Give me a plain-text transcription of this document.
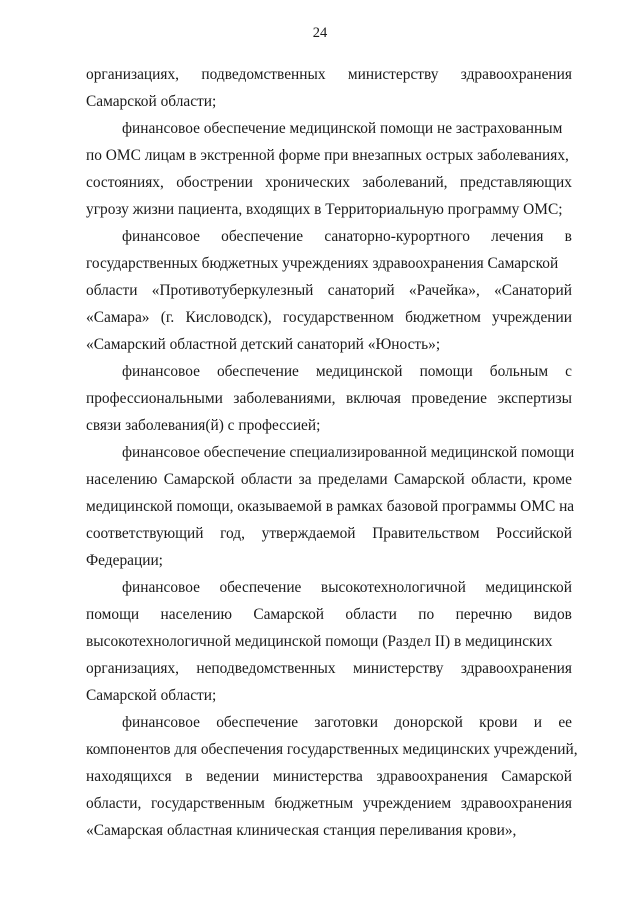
24
организациях, подведомственных министерству здравоохранения
Самарской области;
финансовое обеспечение медицинской помощи не застрахованным
по ОМС лицам в экстренной форме при внезапных острых заболеваниях,
состояниях, обострении хронических заболеваний, представляющих
угрозу жизни пациента, входящих в Территориальную программу ОМС;
финансовое обеспечение санаторно-курортного лечения в
государственных бюджетных учреждениях здравоохранения Самарской
области «Противотуберкулезный санаторий «Рачейка», «Санаторий
«Самара» (г. Кисловодск), государственном бюджетном учреждении
«Самарский областной детский санаторий «Юность»;
финансовое обеспечение медицинской помощи больным с
профессиональными заболеваниями, включая проведение экспертизы
связи заболевания(й) с профессией;
финансовое обеспечение специализированной медицинской помощи
населению Самарской области за пределами Самарской области, кроме
медицинской помощи, оказываемой в рамках базовой программы ОМС на
соответствующий год, утверждаемой Правительством Российской
Федерации;
финансовое обеспечение высокотехнологичной медицинской
помощи населению Самарской области по перечню видов
высокотехнологичной медицинской помощи (Раздел II) в медицинских
организациях, неподведомственных министерству здравоохранения
Самарской области;
финансовое обеспечение заготовки донорской крови и ее
компонентов для обеспечения государственных медицинских учреждений,
находящихся в ведении министерства здравоохранения Самарской
области, государственным бюджетным учреждением здравоохранения
«Самарская областная клиническая станция переливания крови»,
